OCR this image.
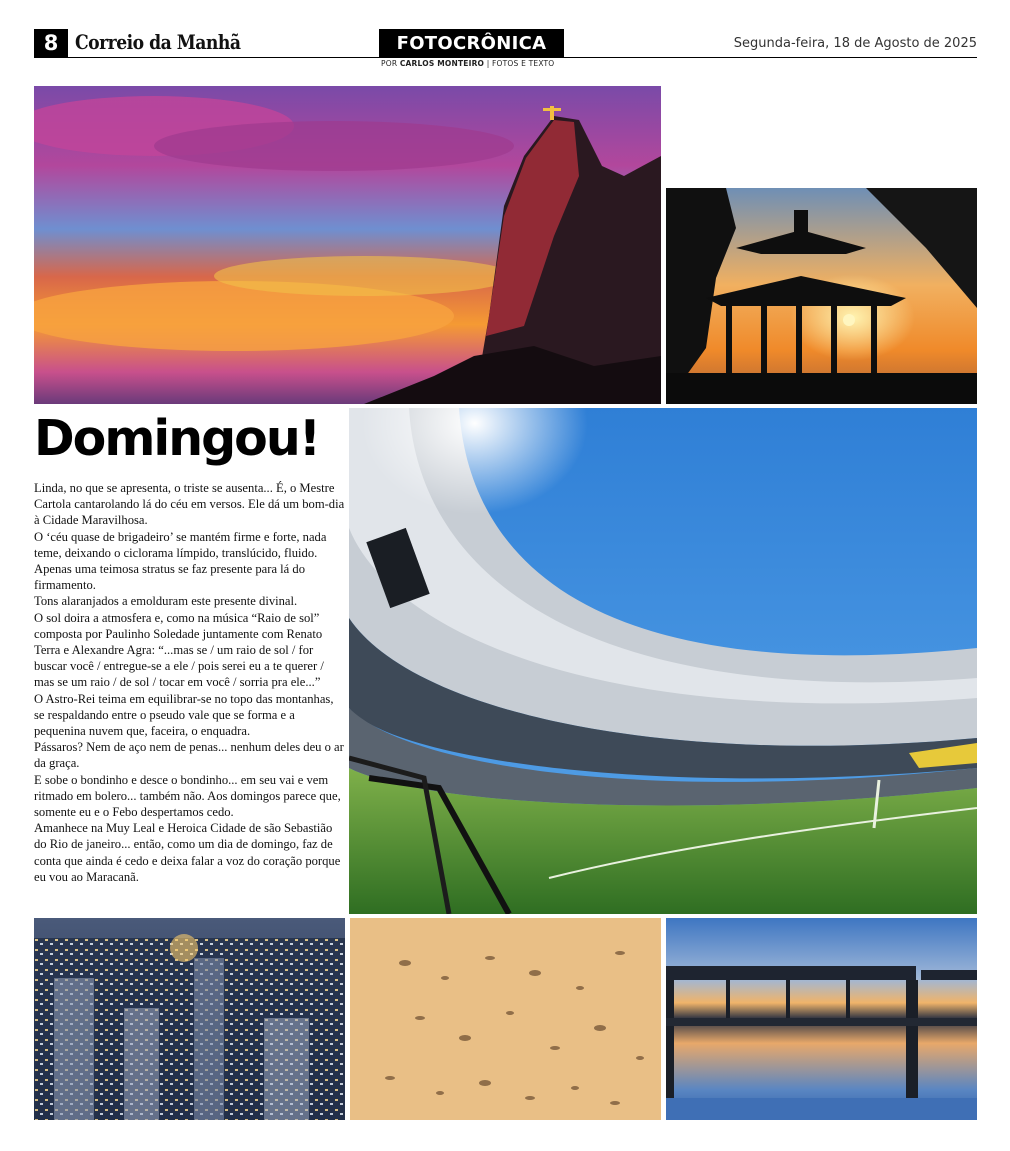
8 Correio da Manhã	FOTOCRÔNICA
POR CARLOS MONTEIRO | FOTOS E TEXTO
Segunda-feira, 18 de Agosto de 2025
Domingou!

Linda, no que se apresenta, o triste se ausenta... É, o Mestre Cartola cantarolando lá do céu em versos. Ele dá um bom-dia à Cidade Maravilhosa.

O ‘céu quase de brigadeiro’ se mantém firme e forte, nada teme, deixando o ciclorama límpido, translúcido, fluido. Apenas uma teimosa stratus se faz presente para lá do firmamento.

Tons alaranjados a emolduram este presente divinal.

O sol doira a atmosfera e, como na música “Raio de sol” composta por Paulinho Soledade juntamente com Renato Terra e Alexandre Agra: “...mas se / um raio de sol / for buscar você / entregue-se a ele / pois serei eu a te querer / mas se um raio / de sol / tocar em você / sorria pra ele...”

O Astro-Rei teima em equilibrar-se no topo das montanhas, se respaldando entre o pseudo vale que se forma e a pequenina nuvem que, faceira, o enquadra.

Pássaros? Nem de aço nem de penas... nenhum deles deu o ar da graça.

E sobe o bondinho e desce o bondinho... em seu vai e vem ritmado em bolero... também não. Aos domingos parece que, somente eu e o Febo despertamos cedo.

Amanhece na Muy Leal e Heroica Cidade de são Sebastião do Rio de janeiro... então, como um dia de domingo, faz de conta que ainda é cedo e deixa falar a voz do coração porque eu vou ao Maracanã.
